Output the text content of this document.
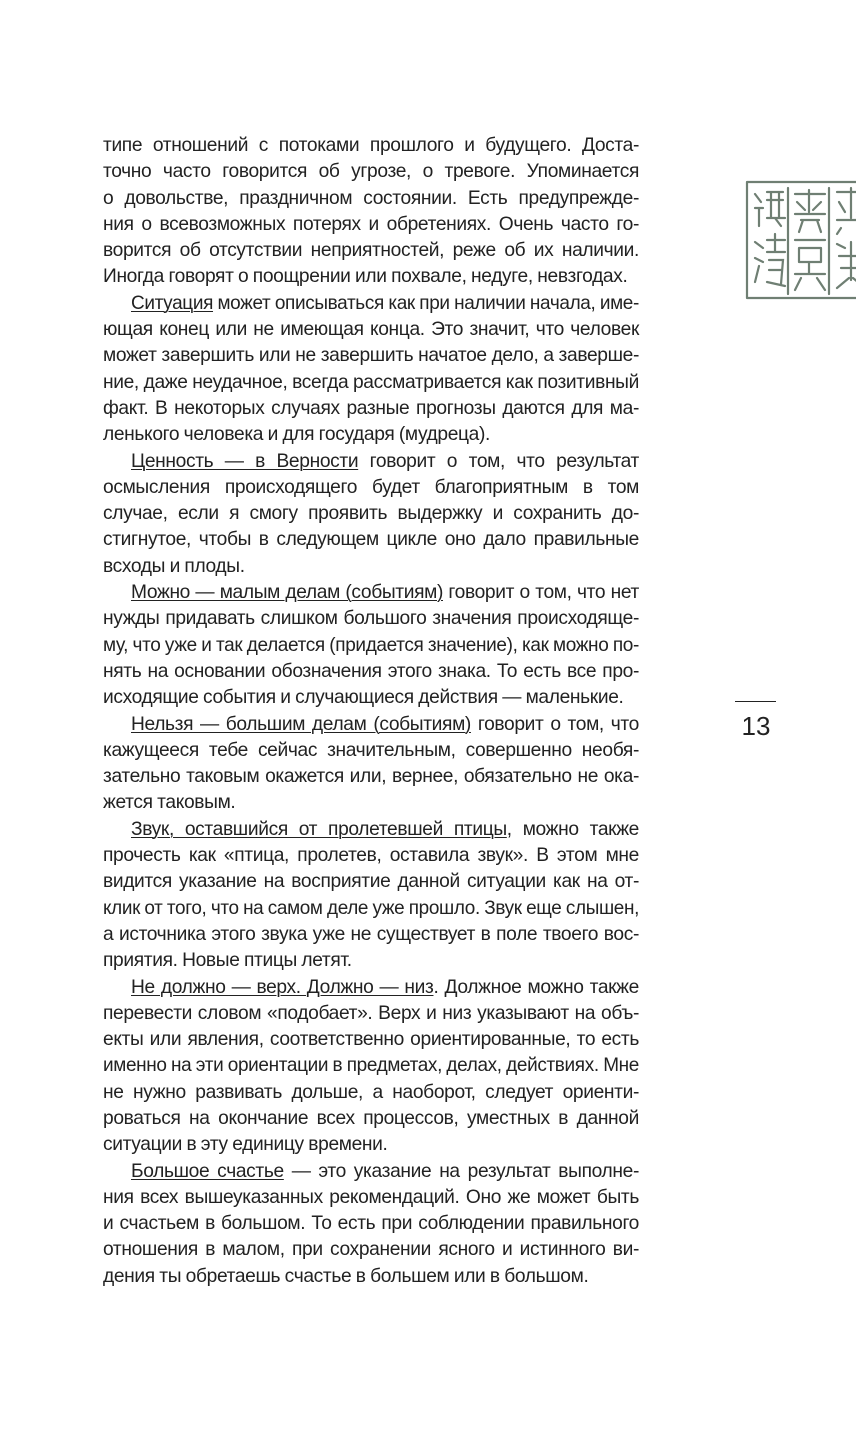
типе отношений с потоками прошлого и будущего. Доста-
точно часто говорится об угрозе, о тревоге. Упоминается
о довольстве, праздничном состоянии. Есть предупрежде-
ния о всевозможных потерях и обретениях. Очень часто го-
ворится об отсутствии неприятностей, реже об их наличии.
Иногда говорят о поощрении или похвале, недуге, невзгодах.
Ситуация может описываться как при наличии начала, име-
ющая конец или не имеющая конца. Это значит, что человек
может завершить или не завершить начатое дело, а заверше-
ние, даже неудачное, всегда рассматривается как позитивный
факт. В некоторых случаях разные прогнозы даются для ма-
ленького человека и для государя (мудреца).
Ценность — в Верности говорит о том, что результат
осмысления происходящего будет благоприятным в том
случае, если я смогу проявить выдержку и сохранить до-
стигнутое, чтобы в следующем цикле оно дало правильные
всходы и плоды.
Можно — малым делам (событиям) говорит о том, что нет
нужды придавать слишком большого значения происходяще-
му, что уже и так делается (придается значение), как можно по-
нять на основании обозначения этого знака. То есть все про-
исходящие события и случающиеся действия — маленькие.
Нельзя — большим делам (событиям) говорит о том, что
кажущееся тебе сейчас значительным, совершенно необя-
зательно таковым окажется или, вернее, обязательно не ока-
жется таковым.
Звук, оставшийся от пролетевшей птицы, можно также
прочесть как «птица, пролетев, оставила звук». В этом мне
видится указание на восприятие данной ситуации как на от-
клик от того, что на самом деле уже прошло. Звук еще слышен,
а источника этого звука уже не существует в поле твоего вос-
приятия. Новые птицы летят.
Не должно — верх. Должно — низ. Должное можно также
перевести словом «подобает». Верх и низ указывают на объ-
екты или явления, соответственно ориентированные, то есть
именно на эти ориентации в предметах, делах, действиях. Мне
не нужно развивать дольше, а наоборот, следует ориенти-
роваться на окончание всех процессов, уместных в данной
ситуации в эту единицу времени.
Большое счастье — это указание на результат выполне-
ния всех вышеуказанных рекомендаций. Оно же может быть
и счастьем в большом. То есть при соблюдении правильного
отношения в малом, при сохранении ясного и истинного ви-
дения ты обретаешь счастье в большем или в большом.
13
